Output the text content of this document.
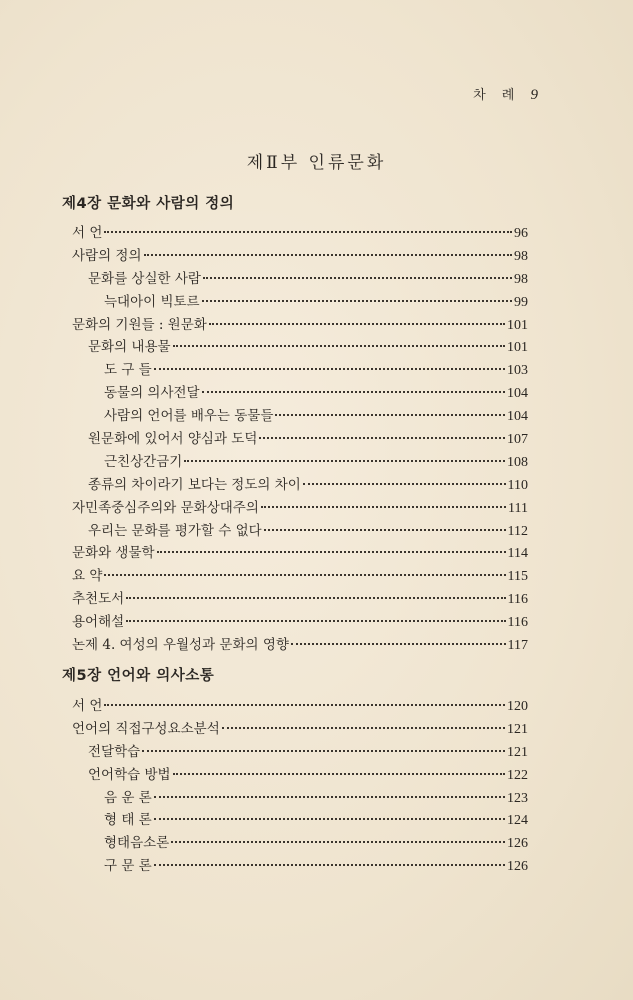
차 례 9
제Ⅱ부 인류문화
제4장 문화와 사람의 정의
서 언	96
사람의 정의	98
문화를 상실한 사람	98
늑대아이 빅토르	99
문화의 기원들 : 원문화	101
문화의 내용물	101
도 구 들	103
동물의 의사전달	104
사람의 언어를 배우는 동물들	104
원문화에 있어서 양심과 도덕	107
근친상간금기	108
종류의 차이라기 보다는 정도의 차이	110
자민족중심주의와 문화상대주의	111
우리는 문화를 평가할 수 없다	112
문화와 생물학	114
요 약	115
추천도서	116
용어해설	116
논제 4. 여성의 우월성과 문화의 영향	117
제5장 언어와 의사소통
서 언	120
언어의 직접구성요소분석	121
전달학습	121
언어학습 방법	122
음 운 론	123
형 태 론	124
형태음소론	126
구 문 론	126
